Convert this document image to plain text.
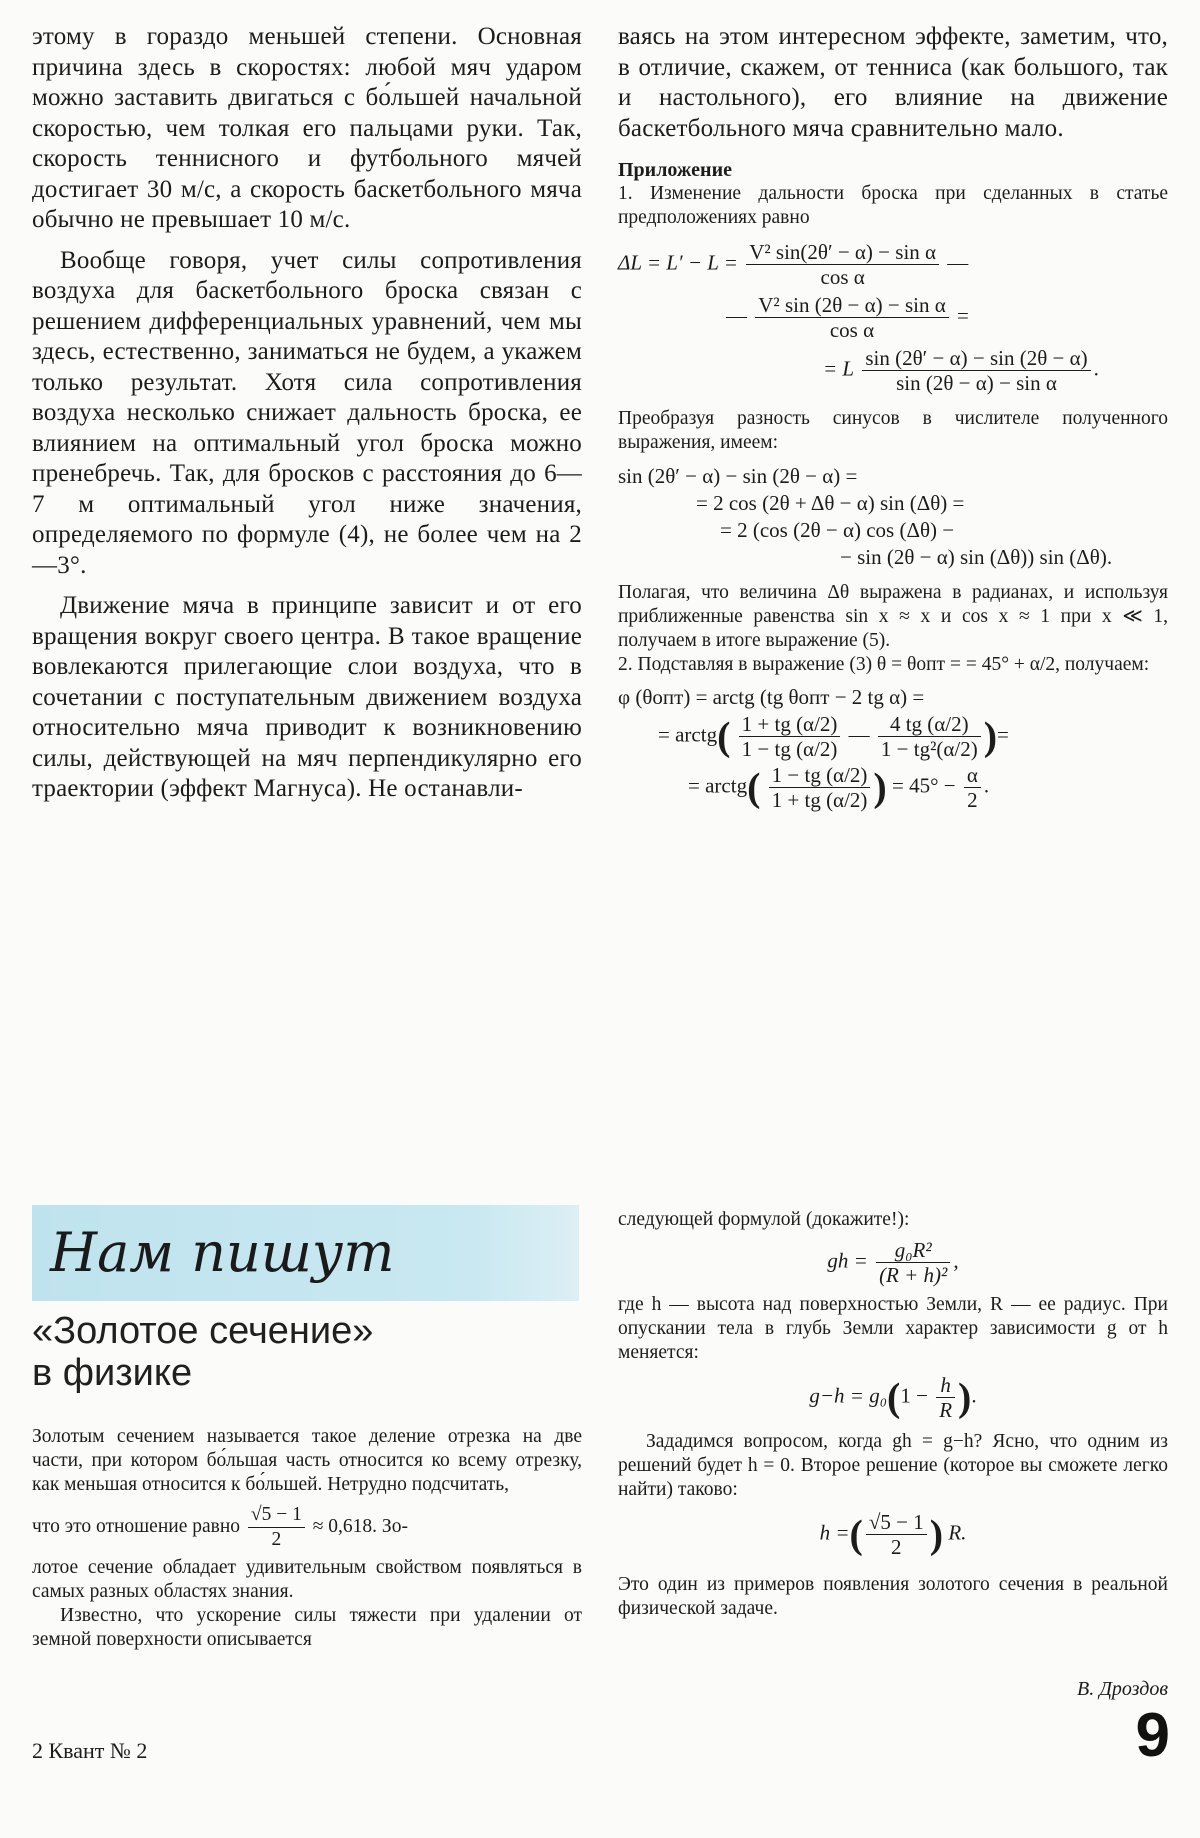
этому в гораздо меньшей степени. Основная причина здесь в скоростях: любой мяч ударом можно заставить двигаться с бо́льшей начальной скоростью, чем толкая его пальцами руки. Так, скорость теннисного и футбольного мячей достигает 30 м/с, а скорость баскетбольного мяча обычно не превышает 10 м/с.

Вообще говоря, учет силы сопротивления воздуха для баскетбольного броска связан с решением дифференциальных уравнений, чем мы здесь, естественно, заниматься не будем, а укажем только результат. Хотя сила сопротивления воздуха несколько снижает дальность броска, ее влиянием на оптимальный угол броска можно пренебречь. Так, для бросков с расстояния до 6—7 м оптимальный угол ниже значения, определяемого по формуле (4), не более чем на 2—3°.

Движение мяча в принципе зависит и от его вращения вокруг своего центра. В такое вращение вовлекаются прилегающие слои воздуха, что в сочетании с поступательным движением воздуха относительно мяча приводит к возникновению силы, действующей на мяч перпендикулярно его траектории (эффект Магнуса). Не останавли-

ваясь на этом интересном эффекте, заметим, что, в отличие, скажем, от тенниса (как большого, так и настольного), его влияние на движение баскетбольного мяча сравнительно мало.

Приложение

1. Изменение дальности броска при сделанных в статье предположениях равно

$\Delta L = L' - L = \frac{\text{V² sin(2θ′ − α) − sin α}}{\text{cos α}}$ —
— $\frac{\text{V² sin (2θ − α) − sin α}}{\text{cos α}}$ =
= L $\frac{\sin (2\theta' - \alpha) - \sin (2\theta - \alpha)}{\text{sin (2θ − α) − sin α}}$ .

Преобразуя разность синусов в числителе полученного выражения, имеем:

sin (2θ′ − α) − sin (2θ − α) =
= 2 cos (2θ + Δθ − α) sin (Δθ) =
= 2 (cos (2θ − α) cos (Δθ) −
− sin (2θ − α) sin (Δθ)) sin (Δθ).

Полагая, что величина Δθ выражена в радианах, и используя приближенные равенства sin x ≈ x и cos x ≈ 1 при x ≪ 1, получаем в итоге выражение (5).

2. Подставляя в выражение (3) θ = θопт = = 45° + α/2, получаем:

φ (θопт) = arctg (tg θопт − 2 tg α) =
= arctg( $\frac{1 + tg (\alpha/2)}{1 - tg (\alpha/2)}$ — $\frac{4 tg (\alpha/2)}{\text{1 − tg²(α/2)}}$ )=
= arctg( $\frac{1 - tg (\alpha/2)}{1 + tg (\alpha/2)}$ ) = $45^\circ - \frac{\alpha}{2}$ .
Нам пишут
«Золотое сечение»
в физике

Золотым сечением называется такое деление отрезка на две части, при котором бо́льшая часть относится ко всему отрезку, как меньшая относится к бо́льшей. Нетрудно подсчитать,

что это отношение равно $\frac{√5 - 1}{2} \approx 0,618$. Зо-

лотое сечение обладает удивительным свойством появляться в самых разных областях знания.

Известно, что ускорение силы тяжести при удалении от земной поверхности описывается

следующей формулой (докажите!):

gh = $\frac{\text{g₀R²}}{\text{(R + h)²}}$ ,

где h — высота над поверхностью Земли, R — ее радиус. При опускании тела в глубь Земли характер зависимости g от h меняется:

$g-h = g_0(1 - \frac{h}{R}$ ).

Зададимся вопросом, когда gh = g−h? Ясно, что одним из решений будет h = 0. Второе решение (которое вы сможете легко найти) таково:

h =( $\frac{√5 - 1}{2}$ ) R.

Это один из примеров появления золотого сечения в реальной физической задаче.

В. Дроздов
2 Квант № 2	9
